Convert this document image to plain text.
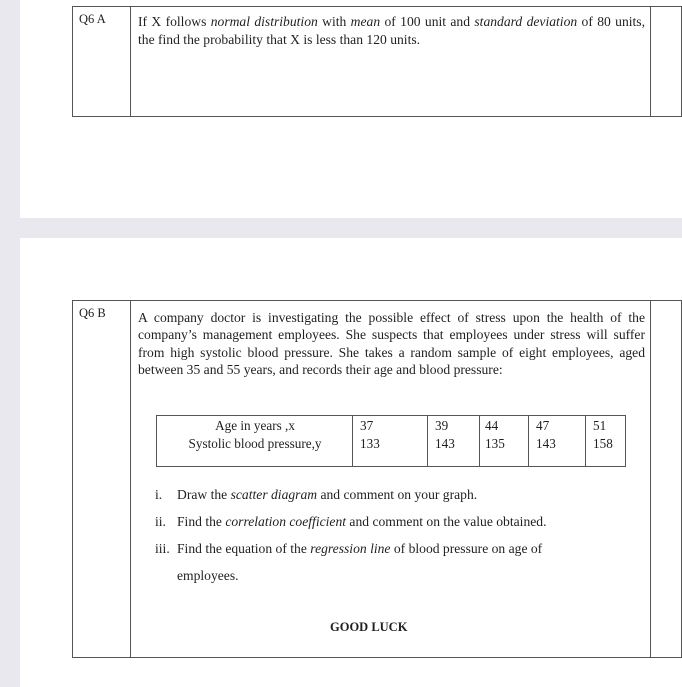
Q6 A	If X follows normal distribution with mean of 100 unit and standard deviation of 80 units, the find the probability that X is less than 120 units.
Q6 B	A company doctor is investigating the possible effect of stress upon the health of the company’s management employees. She suspects that employees under stress will suffer from high systolic blood pressure. She takes a random sample of eight employees, aged between 35 and 55 years, and records their age and blood pressure:
Age in years ,x
Systolic blood pressure,y
37
133
39
143
44
135
47
143
51
158
i. Draw the scatter diagram and comment on your graph.
ii. Find the correlation coefficient and comment on the value obtained.
iii. Find the equation of the regression line of blood pressure on age of
employees.
GOOD LUCK
